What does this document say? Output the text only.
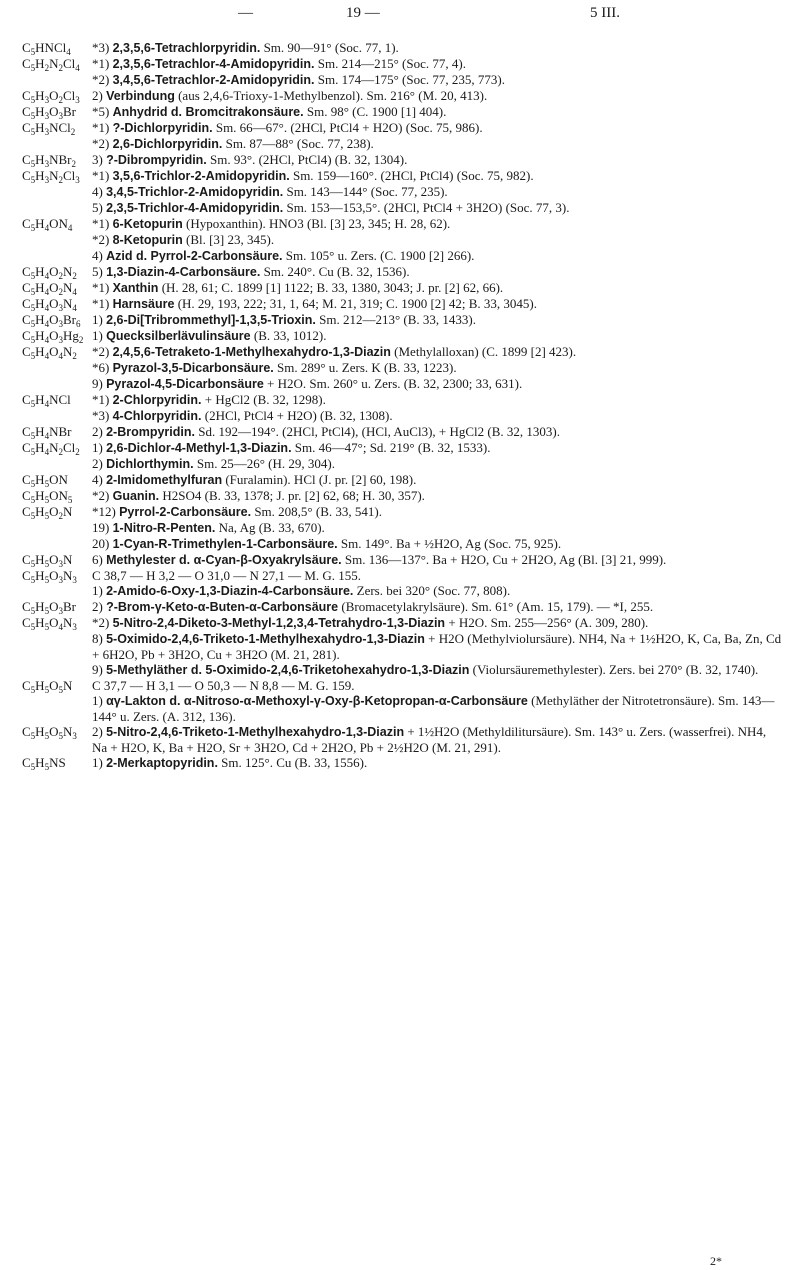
—	19 —	5 III.
$C_5HNCl_4$	*3) 2,3,5,6-Tetrachlorpyridin. Sm. 90—91° (Soc. 77, 1).
$C_5H_2N_2Cl_4$ *1) 2,3,5,6-Tetrachlor-4-Amidopyridin. Sm. 214—215° (Soc. 77, 4).
*2) 3,4,5,6-Tetrachlor-2-Amidopyridin. Sm. 174—175° (Soc. 77, 235, 773).
$C_5H_3O_2Cl_3$ 2) Verbindung (aus 2,4,6-Trioxy-1-Methylbenzol). Sm. 216° (M. 20, 413).
$C_5H_3O_3Br$	*5) Anhydrid d. Bromcitrakonsäure. Sm. 98° (C. 1900 [1] 404).
$C_5H_3NCl_2$	*1) ?-Dichlorpyridin. Sm. 66—67°. (2HCl, PtCl4 + H2O) (Soc. 75, 986).
*2) 2,6-Dichlorpyridin. Sm. 87—88° (Soc. 77, 238).
$C_5H_3NBr_2$	3) ?-Dibrompyridin. Sm. 93°. (2HCl, PtCl4) (B. 32, 1304).
$C_5H_3N_2Cl_3$ *1) 3,5,6-Trichlor-2-Amidopyridin. Sm. 159—160°. (2HCl, PtCl4) (Soc. 75, 982).
4) 3,4,5-Trichlor-2-Amidopyridin. Sm. 143—144° (Soc. 77, 235).
5) 2,3,5-Trichlor-4-Amidopyridin. Sm. 153—153,5°. (2HCl, PtCl4 + 3H2O) (Soc. 77, 3).
$C_5H_4ON_4$	*1) 6-Ketopurin (Hypoxanthin). HNO3 (Bl. [3] 23, 345; H. 28, 62).
*2) 8-Ketopurin (Bl. [3] 23, 345).
4) Azid d. Pyrrol-2-Carbonsäure. Sm. 105° u. Zers. (C. 1900 [2] 266).
$C_5H_4O_2N_2$	5) 1,3-Diazin-4-Carbonsäure. Sm. 240°. Cu (B. 32, 1536).
$C_5H_4O_2N_4$	*1) Xanthin (H. 28, 61; C. 1899 [1] 1122; B. 33, 1380, 3043; J. pr. [2] 62, 66).
$C_5H_4O_3N_4$	*1) Harnsäure (H. 29, 193, 222; 31, 1, 64; M. 21, 319; C. 1900 [2] 42; B. 33, 3045).
$C_5H_4O_3Br_6$ 1) 2,6-Di[Tribrommethyl]-1,3,5-Trioxin. Sm. 212—213° (B. 33, 1433).
$C_5H_4O_3Hg_2$ 1) Quecksilberlävulinsäure (B. 33, 1012).
$C_5H_4O_4N_2$	*2) 2,4,5,6-Tetraketo-1-Methylhexahydro-1,3-Diazin (Methylalloxan) (C. 1899 [2] 423).
*6) Pyrazol-3,5-Dicarbonsäure. Sm. 289° u. Zers. K (B. 33, 1223).
9) Pyrazol-4,5-Dicarbonsäure + H2O. Sm. 260° u. Zers. (B. 32, 2300; 33, 631).
$C_5H_4NCl$	*1) 2-Chlorpyridin. + HgCl2 (B. 32, 1298).
*3) 4-Chlorpyridin. (2HCl, PtCl4 + H2O) (B. 32, 1308).
$C_5H_4NBr$	2) 2-Brompyridin. Sd. 192—194°. (2HCl, PtCl4), (HCl, AuCl3), + HgCl2 (B. 32, 1303).
$C_5H_4N_2Cl_2$ 1) 2,6-Dichlor-4-Methyl-1,3-Diazin. Sm. 46—47°; Sd. 219° (B. 32, 1533).
2) Dichlorthymin. Sm. 25—26° (H. 29, 304).
$C_5H_5ON$	4) 2-Imidomethylfuran (Furalamin). HCl (J. pr. [2] 60, 198).
$C_5H_5ON_5$	*2) Guanin. H2SO4 (B. 33, 1378; J. pr. [2] 62, 68; H. 30, 357).
$C_5H_5O_2N$	*12) Pyrrol-2-Carbonsäure. Sm. 208,5° (B. 33, 541).
19) 1-Nitro-R-Penten. Na, Ag (B. 33, 670).
20) 1-Cyan-R-Trimethylen-1-Carbonsäure. Sm. 149°. Ba + ½H2O, Ag (Soc. 75, 925).
$C_5H_5O_3N$	6) Methylester d. α-Cyan-β-Oxyakrylsäure. Sm. 136—137°. Ba + H2O, Cu + 2H2O, Ag (Bl. [3] 21, 999).
$C_5H_5O_3N_3$	C 38,7 — H 3,2 — O 31,0 — N 27,1 — M. G. 155.
1) 2-Amido-6-Oxy-1,3-Diazin-4-Carbonsäure. Zers. bei 320° (Soc. 77, 808).
$C_5H_5O_3Br$	2) ?-Brom-γ-Keto-α-Buten-α-Carbonsäure (Bromacetylakrylsäure). Sm. 61° (Am. 15, 179). — *I, 255.
$C_5H_5O_4N_3$	*2) 5-Nitro-2,4-Diketo-3-Methyl-1,2,3,4-Tetrahydro-1,3-Diazin + H2O. Sm. 255—256° (A. 309, 280).
8) 5-Oximido-2,4,6-Triketo-1-Methylhexahydro-1,3-Diazin + H2O (Methylviolursäure). NH4, Na + 1½H2O, K, Ca, Ba, Zn, Cd + 6H2O, Pb + 3H2O, Cu + 3H2O (M. 21, 281).
9) 5-Methyläther d. 5-Oximido-2,4,6-Triketohexahydro-1,3-Diazin (Violursäuremethylester). Zers. bei 270° (B. 32, 1740).
$C_5H_5O_5N$	C 37,7 — H 3,1 — O 50,3 — N 8,8 — M. G. 159.
1) αγ-Lakton d. α-Nitroso-α-Methoxyl-γ-Oxy-β-Ketopropan-α-Carbonsäure (Methyläther der Nitrotetronsäure). Sm. 143—144° u. Zers. (A. 312, 136).
$C_5H_5O_5N_3$	2) 5-Nitro-2,4,6-Triketo-1-Methylhexahydro-1,3-Diazin + 1½H2O (Methyldilitursäure). Sm. 143° u. Zers. (wasserfrei). NH4, Na + H2O, K, Ba + H2O, Sr + 3H2O, Cd + 2H2O, Pb + 2½H2O (M. 21, 291).
$C_5H_5NS$	1) 2-Merkaptopyridin. Sm. 125°. Cu (B. 33, 1556).
2*
